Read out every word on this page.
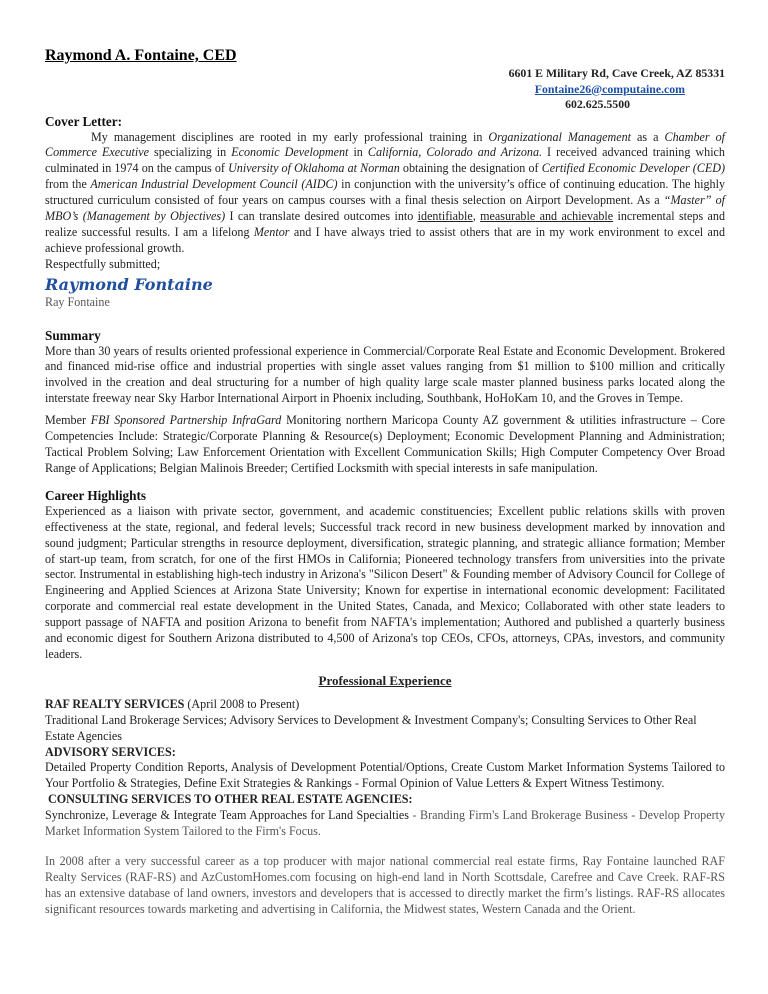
Raymond A. Fontaine, CED
6601 E Military Rd, Cave Creek, AZ 85331
Fontaine26@computaine.com
602.625.5500
Cover Letter:

My management disciplines are rooted in my early professional training in Organizational Management as a Chamber of Commerce Executive specializing in Economic Development in California, Colorado and Arizona. I received advanced training which culminated in 1974 on the campus of University of Oklahoma at Norman obtaining the designation of Certified Economic Developer (CED) from the American Industrial Development Council (AIDC) in conjunction with the university’s office of continuing education. The highly structured curriculum consisted of four years on campus courses with a final thesis selection on Airport Development. As a “Master” of MBO’s (Management by Objectives) I can translate desired outcomes into identifiable, measurable and achievable incremental steps and realize successful results. I am a lifelong Mentor and I have always tried to assist others that are in my work environment to excel and achieve professional growth.

Respectfully submitted;

Raymond Fontaine

Ray Fontaine

Summary

More than 30 years of results oriented professional experience in Commercial/Corporate Real Estate and Economic Development. Brokered and financed mid-rise office and industrial properties with single asset values ranging from $1 million to $100 million and critically involved in the creation and deal structuring for a number of high quality large scale master planned business parks located along the interstate freeway near Sky Harbor International Airport in Phoenix including, Southbank, HoHoKam 10, and the Groves in Tempe.

Member FBI Sponsored Partnership InfraGard Monitoring northern Maricopa County AZ government & utilities infrastructure – Core Competencies Include: Strategic/Corporate Planning & Resource(s) Deployment; Economic Development Planning and Administration; Tactical Problem Solving; Law Enforcement Orientation with Excellent Communication Skills; High Computer Competency Over Broad Range of Applications; Belgian Malinois Breeder; Certified Locksmith with special interests in safe manipulation.

Career Highlights

Experienced as a liaison with private sector, government, and academic constituencies; Excellent public relations skills with proven effectiveness at the state, regional, and federal levels; Successful track record in new business development marked by innovation and sound judgment; Particular strengths in resource deployment, diversification, strategic planning, and strategic alliance formation; Member of start-up team, from scratch, for one of the first HMOs in California; Pioneered technology transfers from universities into the private sector. Instrumental in establishing high-tech industry in Arizona's "Silicon Desert" & Founding member of Advisory Council for College of Engineering and Applied Sciences at Arizona State University; Known for expertise in international economic development: Facilitated corporate and commercial real estate development in the United States, Canada, and Mexico; Collaborated with other state leaders to support passage of NAFTA and position Arizona to benefit from NAFTA's implementation; Authored and published a quarterly business and economic digest for Southern Arizona distributed to 4,500 of Arizona's top CEOs, CFOs, attorneys, CPAs, investors, and community leaders.

Professional Experience

RAF REALTY SERVICES (April 2008 to Present)

Traditional Land Brokerage Services; Advisory Services to Development & Investment Company's; Consulting Services to Other Real Estate Agencies

ADVISORY SERVICES:

Detailed Property Condition Reports, Analysis of Development Potential/Options, Create Custom Market Information Systems Tailored to Your Portfolio & Strategies, Define Exit Strategies & Rankings - Formal Opinion of Value Letters & Expert Witness Testimony.

CONSULTING SERVICES TO OTHER REAL ESTATE AGENCIES:

Synchronize, Leverage & Integrate Team Approaches for Land Specialties - Branding Firm's Land Brokerage Business - Develop Property Market Information System Tailored to the Firm's Focus.

In 2008 after a very successful career as a top producer with major national commercial real estate firms, Ray Fontaine launched RAF Realty Services (RAF-RS) and AzCustomHomes.com focusing on high-end land in North Scottsdale, Carefree and Cave Creek. RAF-RS has an extensive database of land owners, investors and developers that is accessed to directly market the firm’s listings. RAF-RS allocates significant resources towards marketing and advertising in California, the Midwest states, Western Canada and the Orient.
